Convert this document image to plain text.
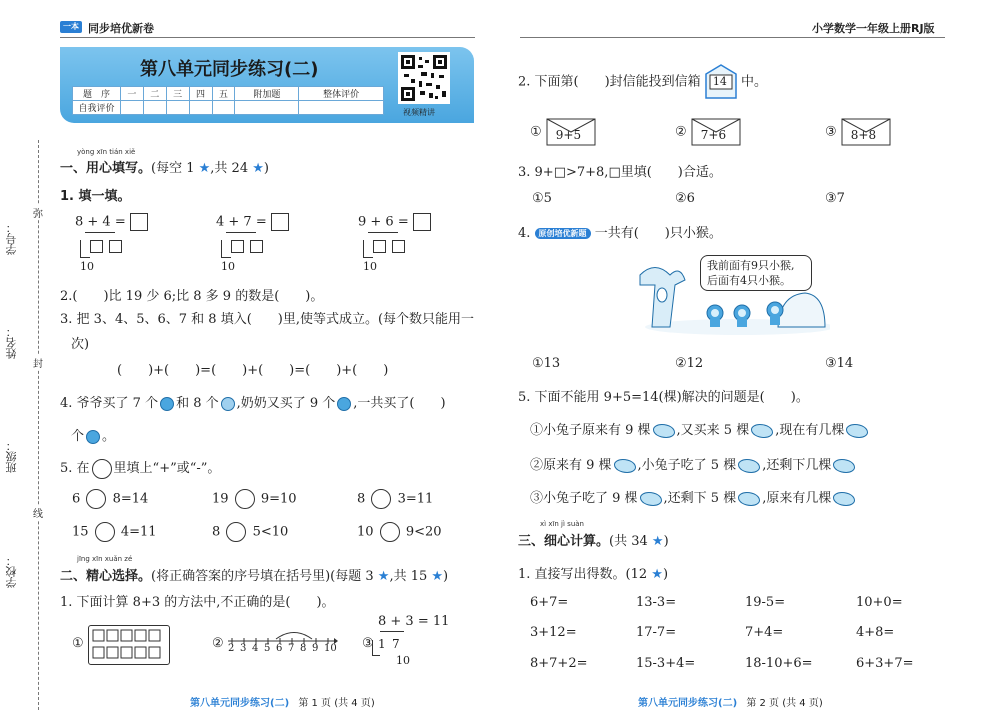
一本 同步培优新卷	小学数学一年级上册RJ版
学号：
姓名：
班级：
学校：
弥
封
线
第八单元同步练习(二)
题　序	一	二	三	四	五	附加题	整体评价
自我评价								视频精讲
yòng xīn tián xiě
一、用心填写。(每空 1 ★,共 24 ★)
1. 填一填。
8 + 4 =
10
4 + 7 =
10
9 + 6 =
10
2.(　　)比 19 少 6;比 8 多 9 的数是(　　)。
3. 把 3、4、5、6、7 和 8 填入(　　)里,使等式成立。(每个数只能用一
次)
(　　)+(　　)=(　　)+(　　)=(　　)+(　　)
4. 爷爷买了 7 个 和 8 个 ,奶奶又买了 9 个 ,一共买了(　　)
个 。
5. 在 里填上“+”或“-”。
6 8=14	19 9=10	8 3=11
15 4=11	8 5<10	10 9<20
jīng xīn xuǎn zé
二、精心选择。(将正确答案的序号填在括号里)(每题 3 ★,共 15 ★)
1. 下面计算 8+3 的方法中,不正确的是(　　)。
①	② 2 3 4 5 6 7 8 9 10 ③
8 + 3 = 11
1 7
10
第八单元同步练习(二) 第 1 页 (共 4 页)	第八单元同步练习(二) 第 2 页 (共 4 页)
2. 下面第(　　)封信能投到信箱 14 中。
① 9+5	② 7+6	③ 8+8
3. 9+□>7+8,□里填(　　)合适。
①5	②6	③7
4. 原创培优新题 一共有(　　)只小猴。
我前面有9只小猴,
后面有4只小猴。
①13	②12	③14
5. 下面不能用 9+5=14(棵)解决的问题是(　　)。
①小兔子原来有 9 棵 ,又买来 5 棵 ,现在有几棵
②原来有 9 棵 ,小兔子吃了 5 棵 ,还剩下几棵
③小兔子吃了 9 棵 ,还剩下 5 棵 ,原来有几棵
xì xīn jì suàn
三、细心计算。(共 34 ★)
1. 直接写出得数。(12 ★)
6+7=	13-3=	19-5=	10+0=
3+12=	17-7=	7+4=	4+8=
8+7+2=	15-3+4=	18-10+6=	6+3+7=
